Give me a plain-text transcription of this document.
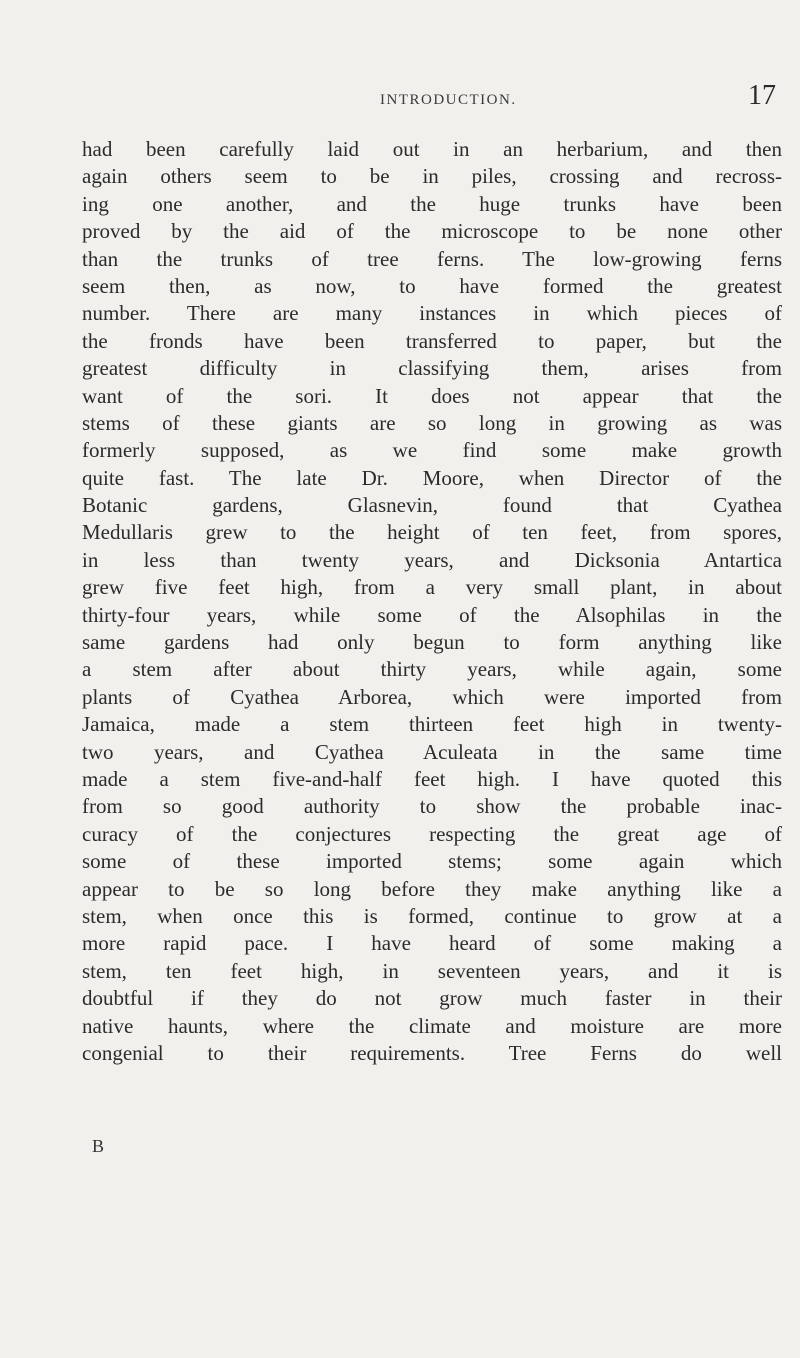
INTRODUCTION.	17
had been carefully laid out in an herbarium, and then
again others seem to be in piles, crossing and recross-
ing one another, and the huge trunks have been
proved by the aid of the microscope to be none other
than the trunks of tree ferns. The low-growing ferns
seem then, as now, to have formed the greatest
number. There are many instances in which pieces of
the fronds have been transferred to paper, but the
greatest difficulty in classifying them, arises from
want of the sori. It does not appear that the
stems of these giants are so long in growing as was
formerly supposed, as we find some make growth
quite fast. The late Dr. Moore, when Director of the
Botanic gardens, Glasnevin, found that Cyathea
Medullaris grew to the height of ten feet, from spores,
in less than twenty years, and Dicksonia Antartica
grew five feet high, from a very small plant, in about
thirty-four years, while some of the Alsophilas in the
same gardens had only begun to form anything like
a stem after about thirty years, while again, some
plants of Cyathea Arborea, which were imported from
Jamaica, made a stem thirteen feet high in twenty-
two years, and Cyathea Aculeata in the same time
made a stem five-and-half feet high. I have quoted this
from so good authority to show the probable inac-
curacy of the conjectures respecting the great age of
some of these imported stems; some again which
appear to be so long before they make anything like a
stem, when once this is formed, continue to grow at a
more rapid pace. I have heard of some making a
stem, ten feet high, in seventeen years, and it is
doubtful if they do not grow much faster in their
native haunts, where the climate and moisture are more
congenial to their requirements. Tree Ferns do well
B
